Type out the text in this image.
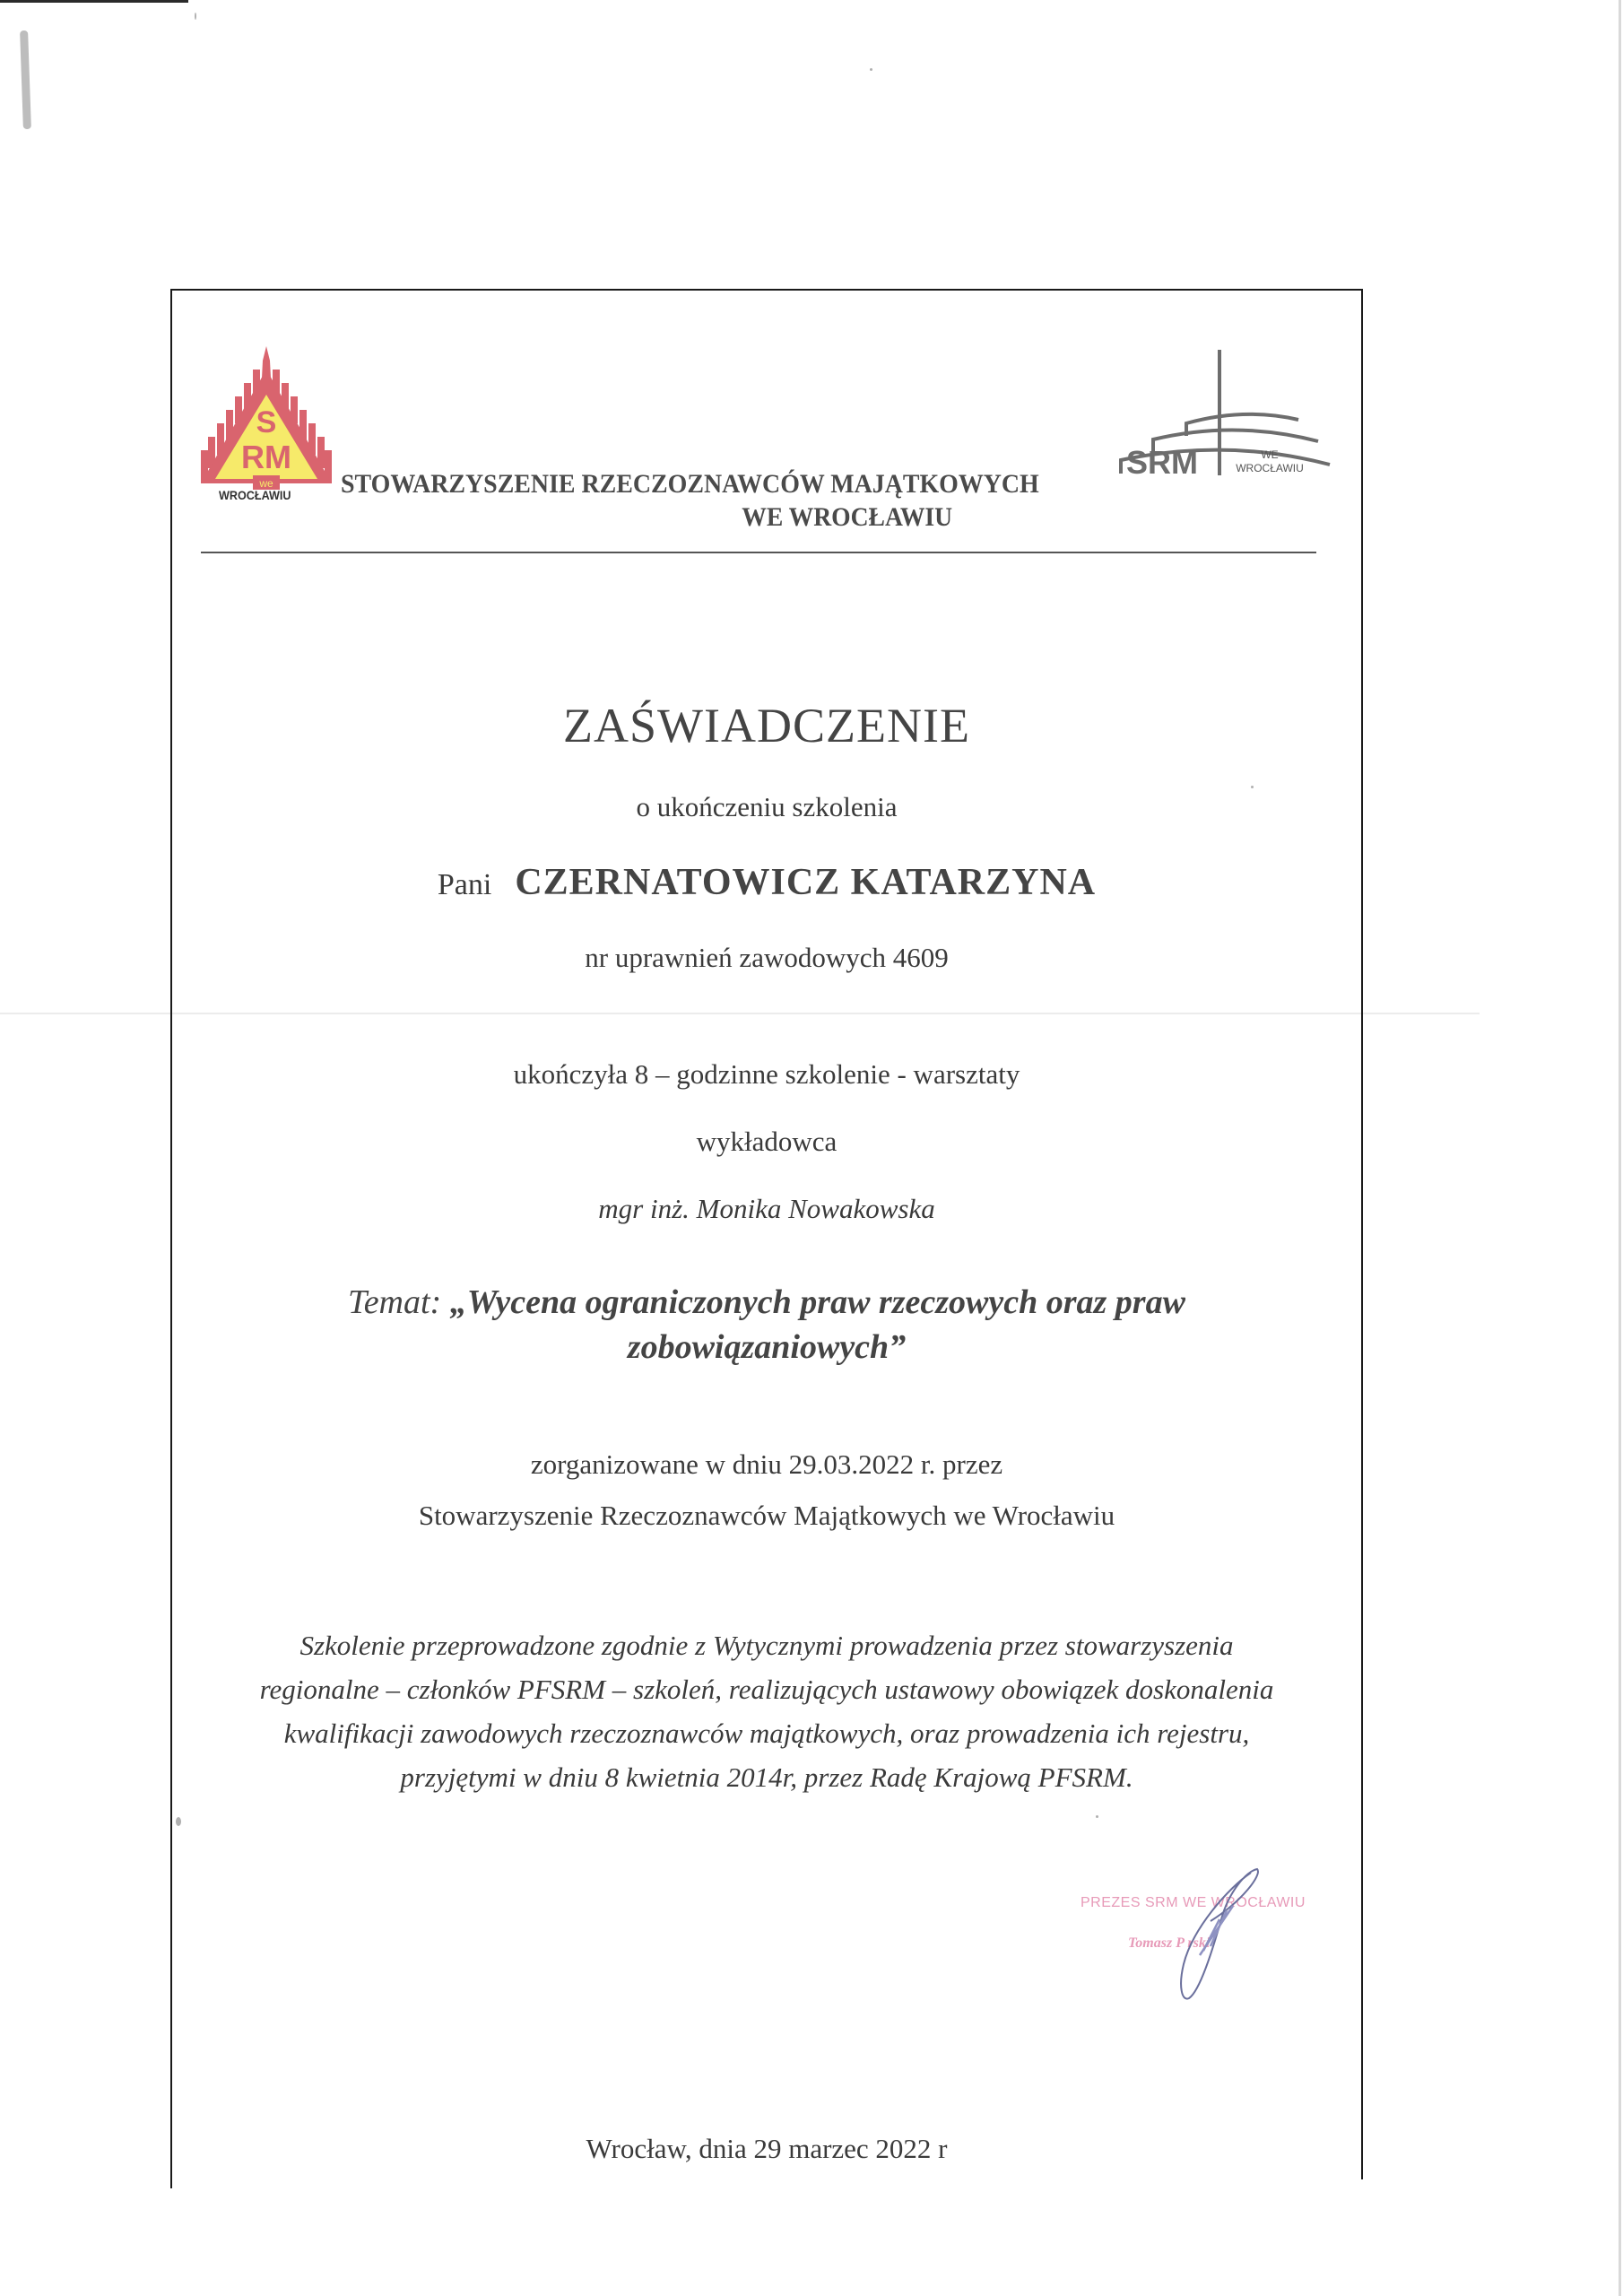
S
RM
we
WROCŁAWIU
SRM	WE
WROCŁAWIU
STOWARZYSZENIE RZECZOZNAWCÓW MAJĄTKOWYCH
WE WROCŁAWIU
ZAŚWIADCZENIE
o ukończeniu szkolenia
Pani CZERNATOWICZ KATARZYNA
nr uprawnień zawodowych 4609
ukończyła 8 – godzinne szkolenie - warsztaty
wykładowca
mgr inż. Monika Nowakowska
Temat: „Wycena ograniczonych praw rzeczowych oraz praw
zobowiązaniowych”
zorganizowane w dniu 29.03.2022 r. przez
Stowarzyszenie Rzeczoznawców Majątkowych we Wrocławiu
Szkolenie przeprowadzone zgodnie z Wytycznymi prowadzenia przez stowarzyszenia
regionalne – członków PFSRM – szkoleń, realizujących ustawowy obowiązek doskonalenia
kwalifikacji zawodowych rzeczoznawców majątkowych, oraz prowadzenia ich rejestru,
przyjętymi w dniu 8 kwietnia 2014r, przez Radę Krajową PFSRM.
PREZES SRM WE WROCŁAWIU
Tomasz P rski
Wrocław, dnia 29 marzec 2022 r
